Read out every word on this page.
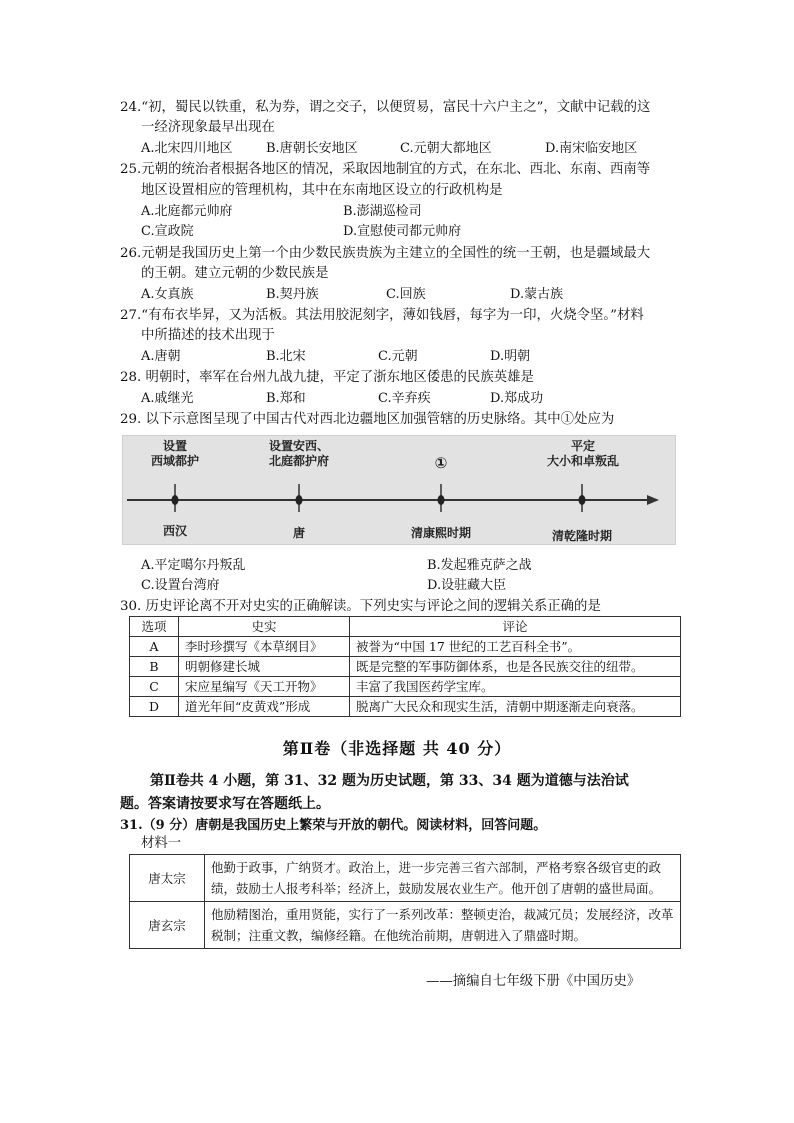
24.“初，蜀民以铁重，私为券，谓之交子，以便贸易，富民十六户主之”，文献中记载的这
一经济现象最早出现在
A.北宋四川地区	B.唐朝长安地区	C.元朝大都地区	D.南宋临安地区
25.元朝的统治者根据各地区的情况，采取因地制宜的方式，在东北、西北、东南、西南等
地区设置相应的管理机构，其中在东南地区设立的行政机构是
A.北庭都元帅府	B.澎湖巡检司
C.宣政院	D.宣慰使司都元帅府
26.元朝是我国历史上第一个由少数民族贵族为主建立的全国性的统一王朝，也是疆域最大
的王朝。建立元朝的少数民族是
A.女真族	B.契丹族	C.回族	D.蒙古族
27.“有布衣毕昇，又为活板。其法用胶泥刻字，薄如钱唇，每字为一印，火烧令坚。”材料
中所描述的技术出现于
A.唐朝	B.北宋	C.元朝	D.明朝
28. 明朝时，率军在台州九战九捷，平定了浙东地区倭患的民族英雄是
A.戚继光	B.郑和	C.辛弃疾	D.郑成功
29. 以下示意图呈现了中国古代对西北边疆地区加强管辖的历史脉络。其中①处应为
设置
西域都护
设置安西、
北庭都护府	①
平定
大小和卓叛乱
西汉	唐	清康熙时期	清乾隆时期
A.平定噶尔丹叛乱	B.发起雅克萨之战
C.设置台湾府	D.设驻藏大臣
30. 历史评论离不开对史实的正确解读。下列史实与评论之间的逻辑关系正确的是
选项	史实	评论
A	李时珍撰写《本草纲目》	被誉为“中国 17 世纪的工艺百科全书”。
B	明朝修建长城	既是完整的军事防御体系，也是各民族交往的纽带。
C	宋应星编写《天工开物》	丰富了我国医药学宝库。
D	道光年间“皮黄戏”形成	脱离广大民众和现实生活，清朝中期逐渐走向衰落。
第Ⅱ卷（非选择题 共 40 分）
第Ⅱ卷共 4 小题，第 31、32 题为历史试题，第 33、34 题为道德与法治试
题。答案请按要求写在答题纸上。
31.（9 分）唐朝是我国历史上繁荣与开放的朝代。阅读材料，回答问题。
材料一
唐太宗	他勤于政事，广纳贤才。政治上，进一步完善三省六部制，严格考察各级官吏的政绩，鼓励士人报考科举；经济上，鼓励发展农业生产。他开创了唐朝的盛世局面。
唐玄宗	他励精图治，重用贤能，实行了一系列改革：整顿吏治，裁减冗员；发展经济，改革税制；注重文教，编修经籍。在他统治前期，唐朝进入了鼎盛时期。
——摘编自七年级下册《中国历史》
